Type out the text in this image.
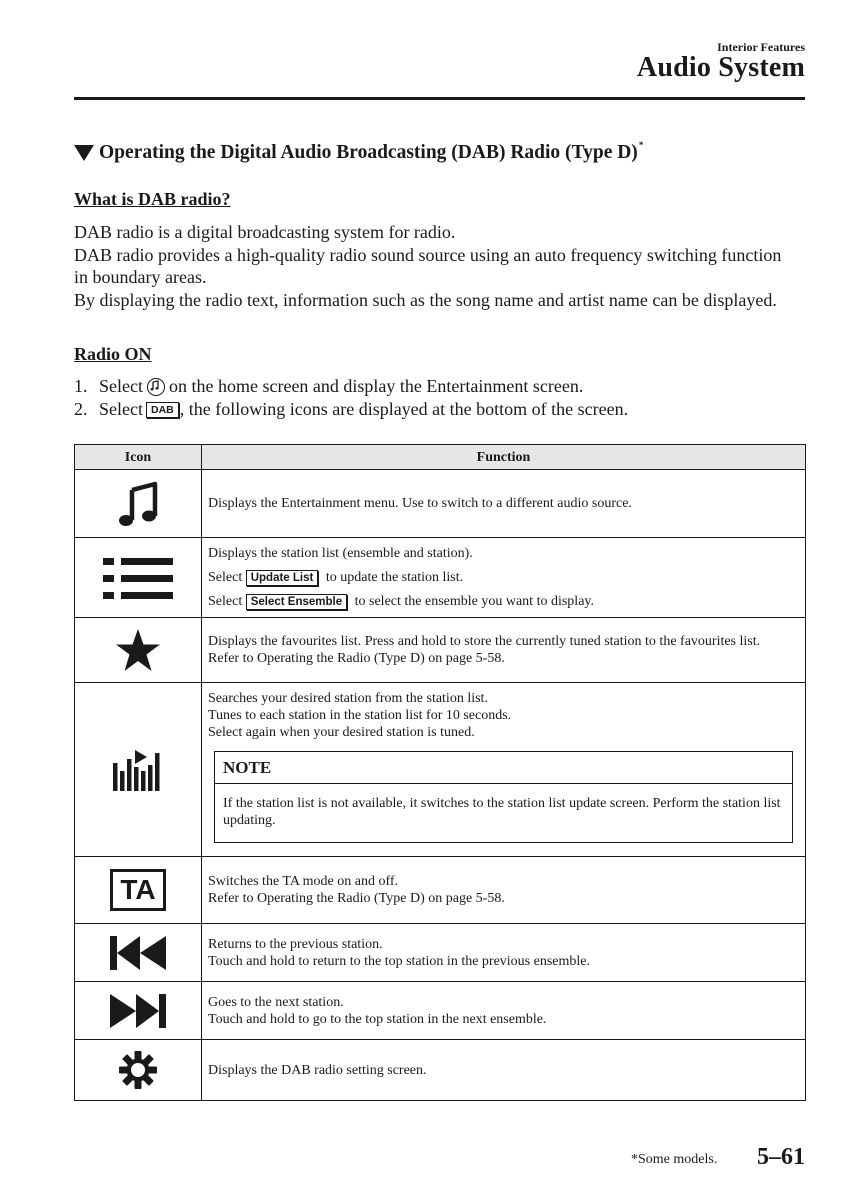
Interior Features
Audio System
Operating the Digital Audio Broadcasting (DAB) Radio (Type D)*
What is DAB radio?

DAB radio is a digital broadcasting system for radio.

DAB radio provides a high-quality radio sound source using an auto frequency switching function in boundary areas.

By displaying the radio text, information such as the song name and artist name can be displayed.

Radio ON
1. Select on the home screen and display the Entertainment screen.
2. Select DAB , the following icons are displayed at the bottom of the screen.
Icon	Function

Displays the Entertainment menu. Use to switch to a different audio source.

Displays the station list (ensemble and station).
Select Update List to update the station list.
Select Select Ensemble to select the ensemble you want to display.

Displays the favourites list. Press and hold to store the currently tuned station to the favourites list.
Refer to Operating the Radio (Type D) on page 5-58.

Searches your desired station from the station list.
Tunes to each station in the station list for 10 seconds.
Select again when your desired station is tuned.
NOTE
If the station list is not available, it switches to the station list update screen. Perform the station list updating.

TA	Switches the TA mode on and off.
Refer to Operating the Radio (Type D) on page 5-58.

Returns to the previous station.
Touch and hold to return to the top station in the previous ensemble.

Goes to the next station.
Touch and hold to go to the top station in the next ensemble.

Displays the DAB radio setting screen.
*Some models. 5–61
